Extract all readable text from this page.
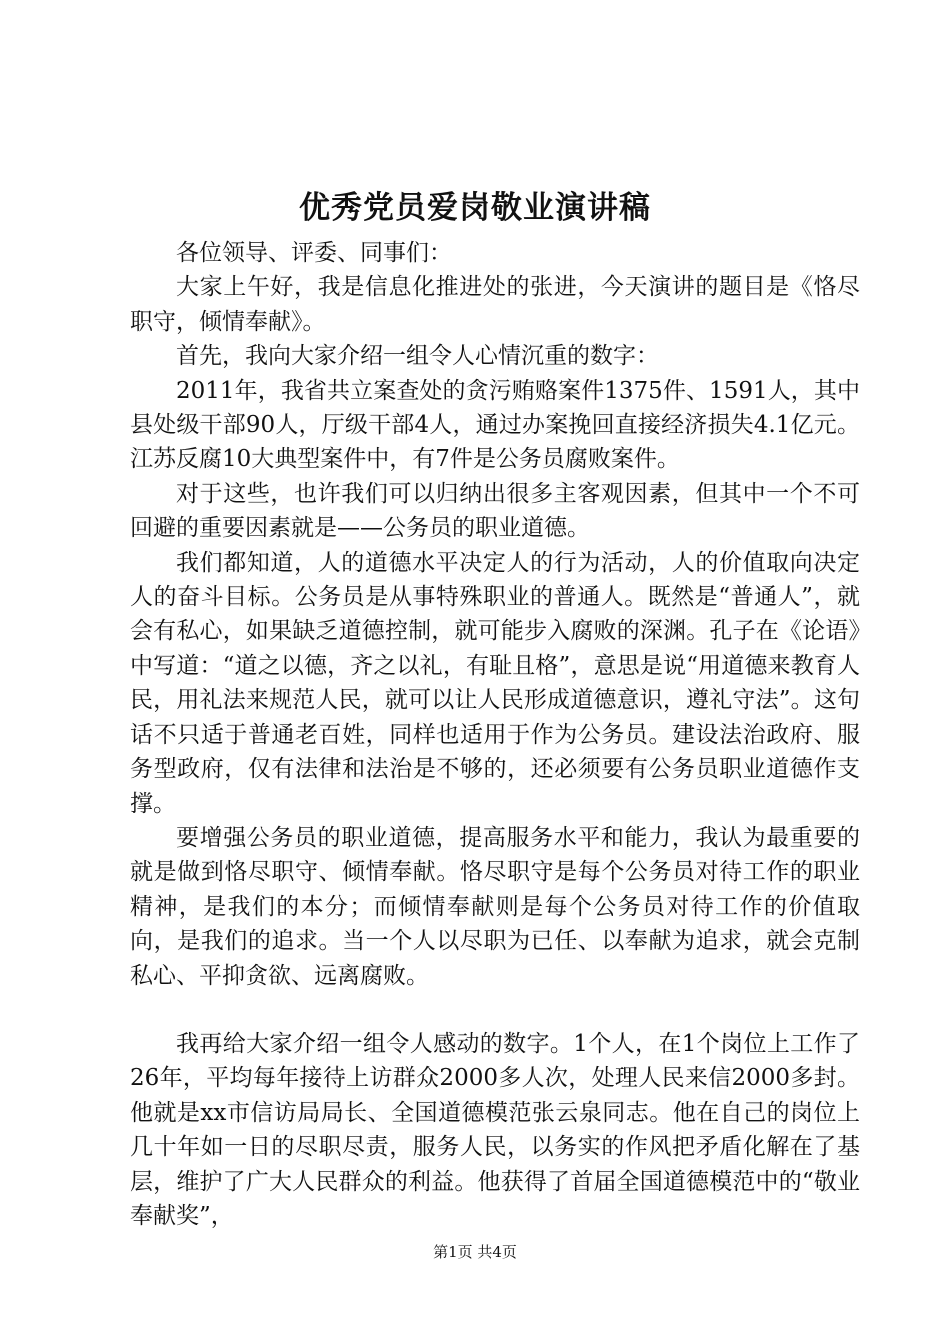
优秀党员爱岗敬业演讲稿

各位领导、评委、同事们：

大家上午好，我是信息化推进处的张进，今天演讲的题目是《恪尽职守，倾情奉献》。

首先，我向大家介绍一组令人心情沉重的数字：

2011年，我省共立案查处的贪污贿赂案件1375件、1591人，其中县处级干部90人，厅级干部4人，通过办案挽回直接经济损失4.1亿元。江苏反腐10大典型案件中，有7件是公务员腐败案件。

对于这些，也许我们可以归纳出很多主客观因素，但其中一个不可回避的重要因素就是——公务员的职业道德。

我们都知道，人的道德水平决定人的行为活动，人的价值取向决定人的奋斗目标。公务员是从事特殊职业的普通人。既然是“普通人”，就会有私心，如果缺乏道德控制，就可能步入腐败的深渊。孔子在《论语》中写道：“道之以德，齐之以礼，有耻且格”，意思是说“用道德来教育人民，用礼法来规范人民，就可以让人民形成道德意识，遵礼守法”。这句话不只适于普通老百姓，同样也适用于作为公务员。建设法治政府、服务型政府，仅有法律和法治是不够的，还必须要有公务员职业道德作支撑。

要增强公务员的职业道德，提高服务水平和能力，我认为最重要的就是做到恪尽职守、倾情奉献。恪尽职守是每个公务员对待工作的职业精神，是我们的本分；而倾情奉献则是每个公务员对待工作的价值取向，是我们的追求。当一个人以尽职为已任、以奉献为追求，就会克制私心、平抑贪欲、远离腐败。

我再给大家介绍一组令人感动的数字。1个人，在1个岗位上工作了26年，平均每年接待上访群众2000多人次，处理人民来信2000多封。他就是xx市信访局局长、全国道德模范张云泉同志。他在自己的岗位上几十年如一日的尽职尽责，服务人民，以务实的作风把矛盾化解在了基层，维护了广大人民群众的利益。他获得了首届全国道德模范中的“敬业奉献奖”，

第1页 共4页
